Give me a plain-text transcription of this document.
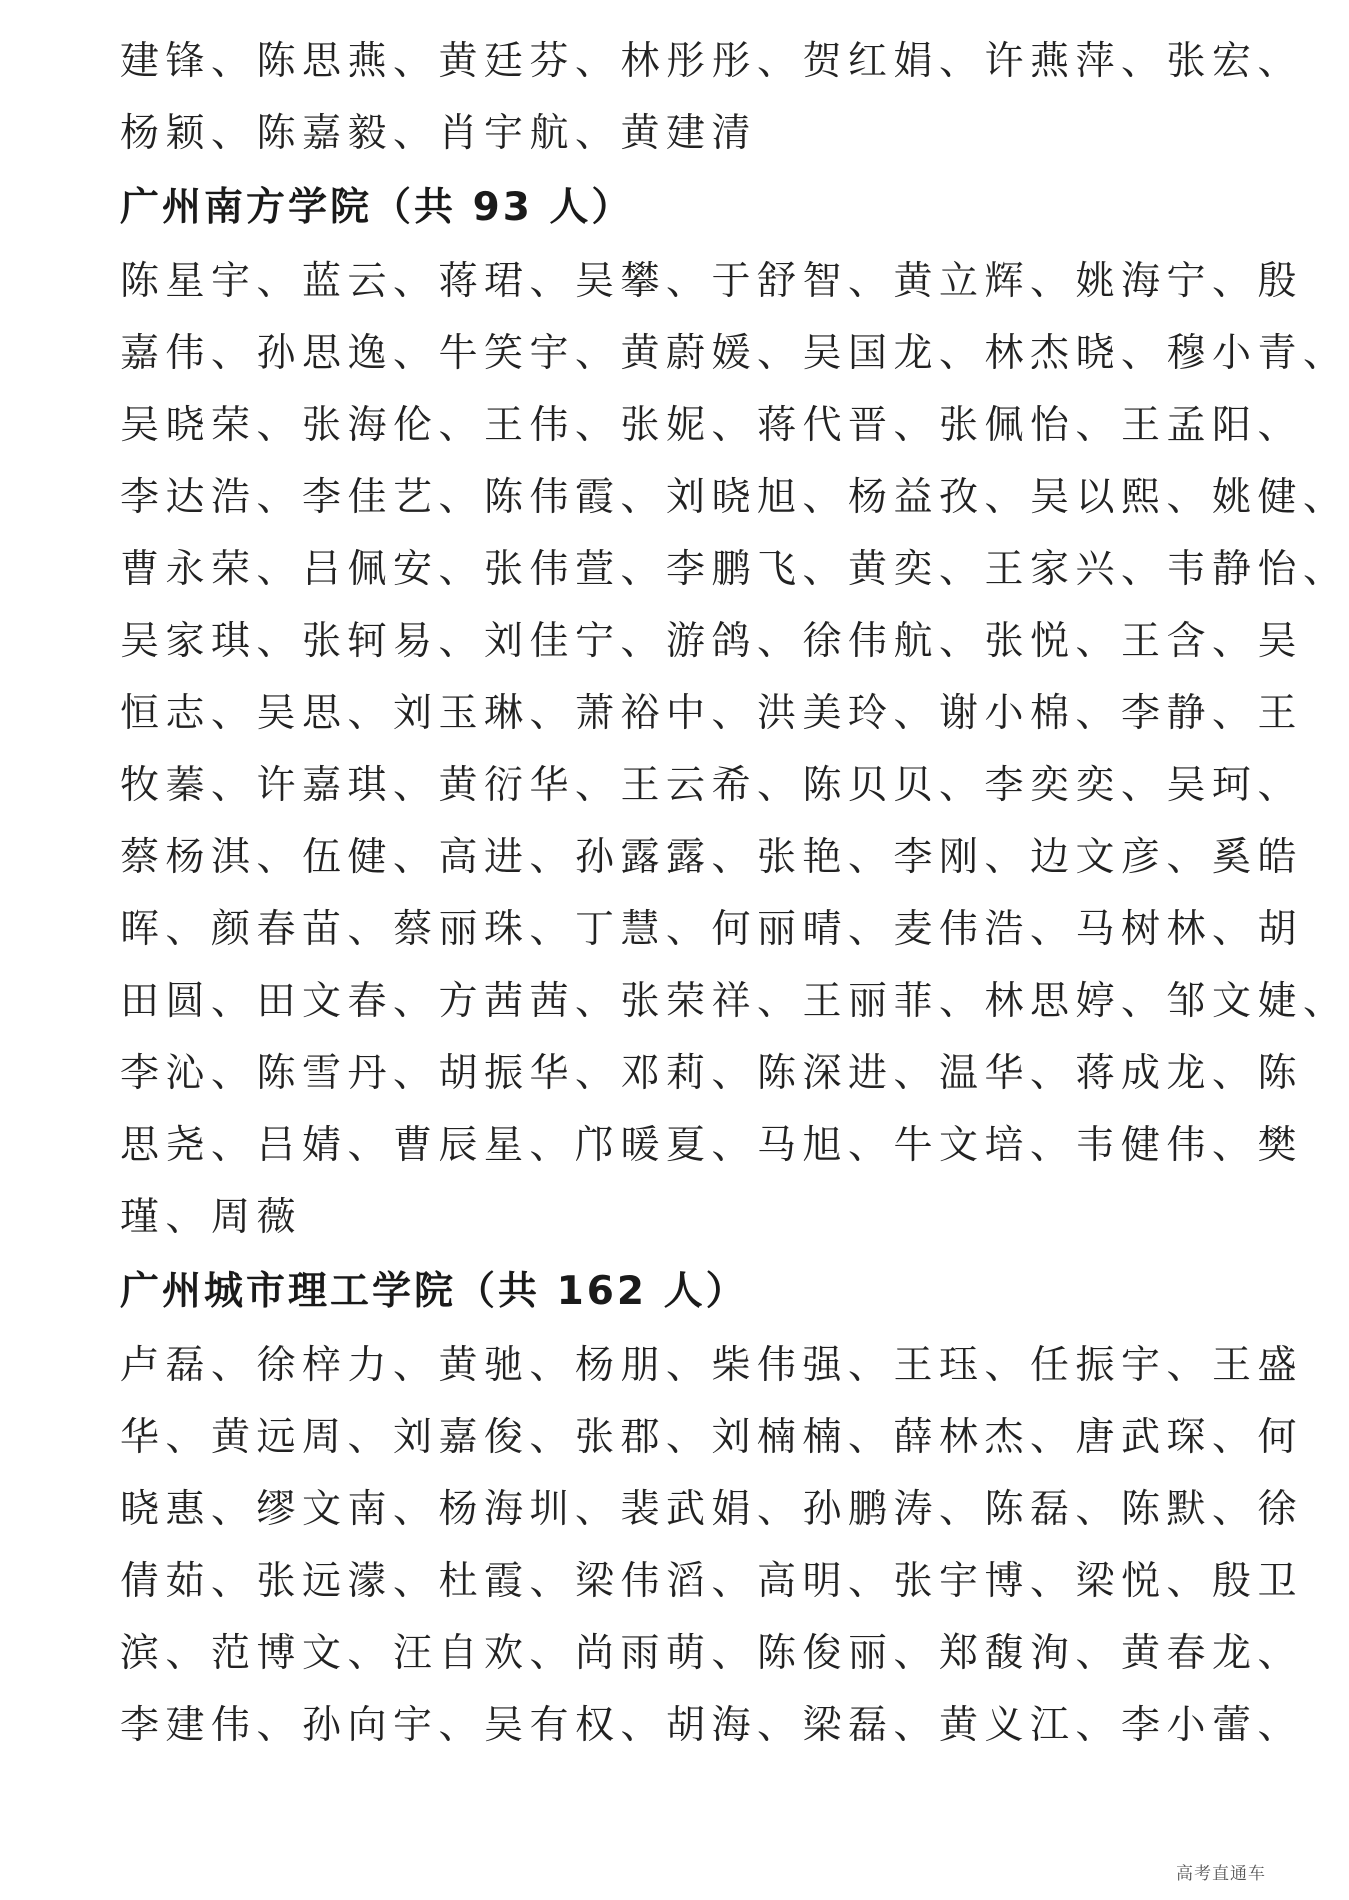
建锋、陈思燕、黄廷芬、林彤彤、贺红娟、许燕萍、张宏、
杨颖、陈嘉毅、肖宇航、黄建清
广州南方学院（共 93 人）
陈星宇、蓝云、蒋珺、吴攀、于舒智、黄立辉、姚海宁、殷
嘉伟、孙思逸、牛笑宇、黄蔚媛、吴国龙、林杰晓、穆小青、
吴晓荣、张海伦、王伟、张妮、蒋代晋、张佩怡、王孟阳、
李达浩、李佳艺、陈伟霞、刘晓旭、杨益孜、吴以熙、姚健、
曹永荣、吕佩安、张伟萱、李鹏飞、黄奕、王家兴、韦静怡、
吴家琪、张轲易、刘佳宁、游鸽、徐伟航、张悦、王含、吴
恒志、吴思、刘玉琳、萧裕中、洪美玲、谢小棉、李静、王
牧蓁、许嘉琪、黄衍华、王云希、陈贝贝、李奕奕、吴珂、
蔡杨淇、伍健、高进、孙露露、张艳、李刚、边文彦、奚皓
晖、颜春苗、蔡丽珠、丁慧、何丽晴、麦伟浩、马树林、胡
田圆、田文春、方茜茜、张荣祥、王丽菲、林思婷、邹文婕、
李沁、陈雪丹、胡振华、邓莉、陈深进、温华、蒋成龙、陈
思尧、吕婧、曹辰星、邝暖夏、马旭、牛文培、韦健伟、樊
瑾、周薇
广州城市理工学院（共 162 人）
卢磊、徐梓力、黄驰、杨朋、柴伟强、王珏、任振宇、王盛
华、黄远周、刘嘉俊、张郡、刘楠楠、薛林杰、唐武琛、何
晓惠、缪文南、杨海圳、裴武娟、孙鹏涛、陈磊、陈默、徐
倩茹、张远濛、杜霞、梁伟滔、高明、张宇博、梁悦、殷卫
滨、范博文、汪自欢、尚雨萌、陈俊丽、郑馥洵、黄春龙、
李建伟、孙向宇、吴有权、胡海、梁磊、黄义江、李小蕾、
高考直通车
